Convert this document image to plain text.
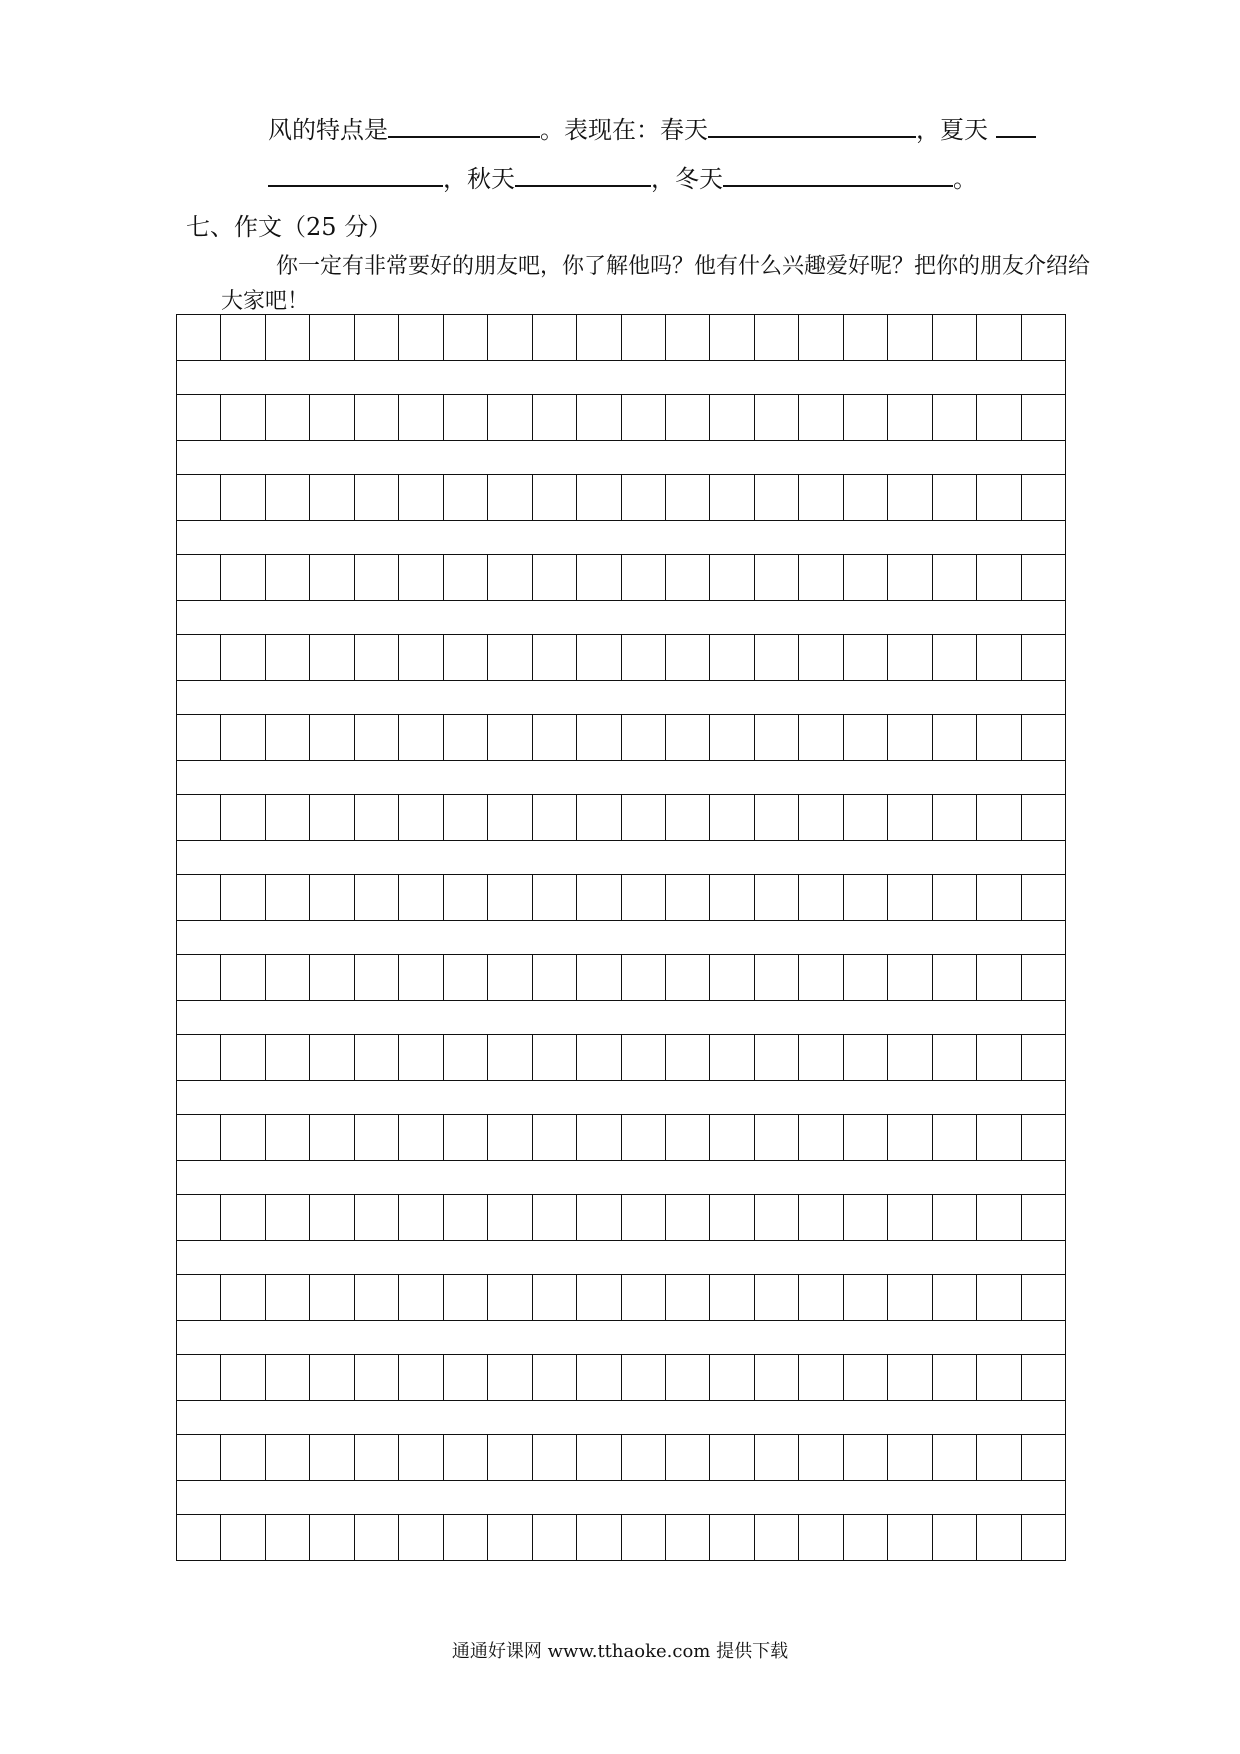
风的特点是	。表现在：春天	，夏天
，秋天	，冬天	。
七、作文（25 分）
你一定有非常要好的朋友吧，你了解他吗？他有什么兴趣爱好呢？把你的朋友介绍给
大家吧！
通通好课网 www.tthaoke.com 提供下载
